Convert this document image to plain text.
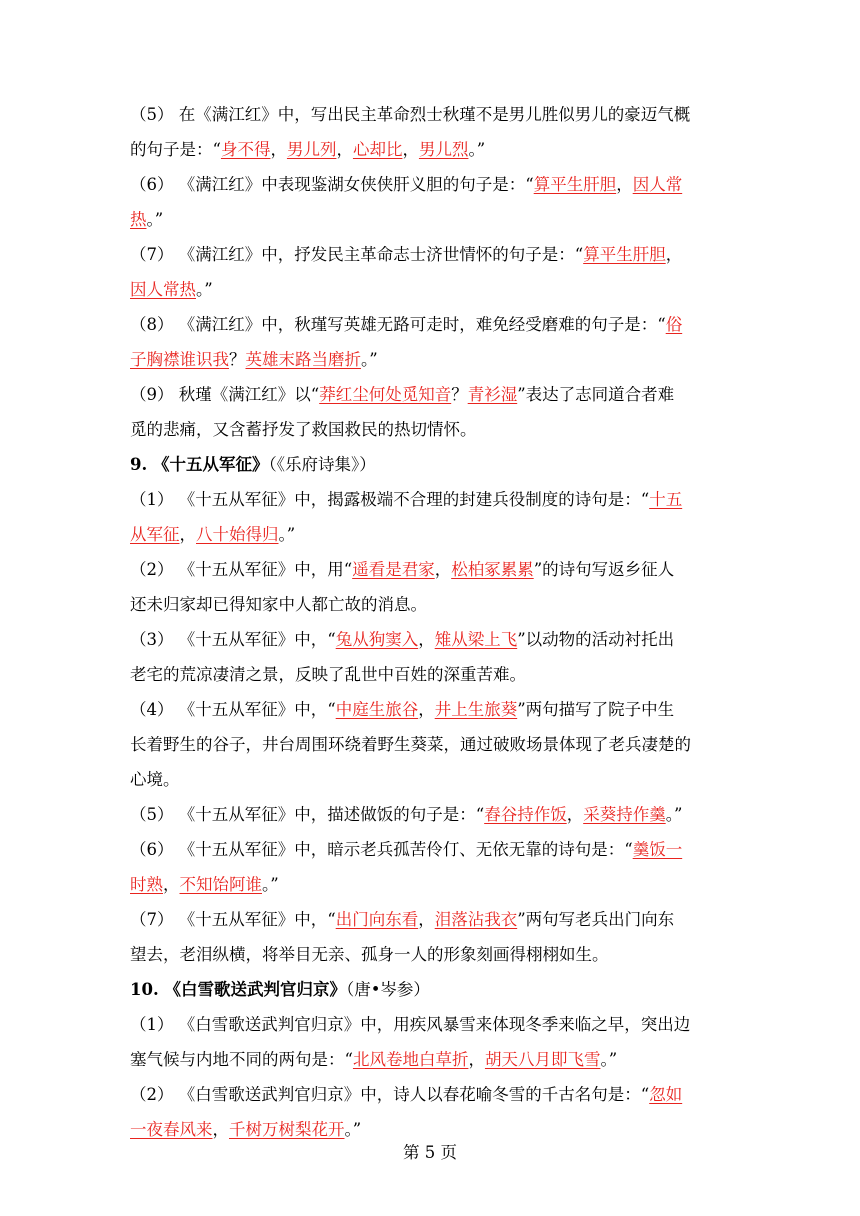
（5） 在《满江红》中，写出民主革命烈士秋瑾不是男儿胜似男儿的豪迈气概
的句子是：“身不得，男儿列，心却比，男儿烈。”
（6） 《满江红》中表现鉴湖女侠侠肝义胆的句子是：“算平生肝胆，因人常
热。”
（7） 《满江红》中，抒发民主革命志士济世情怀的句子是：“算平生肝胆，
因人常热。”
（8） 《满江红》中，秋瑾写英雄无路可走时，难免经受磨难的句子是：“俗
子胸襟谁识我？英雄末路当磨折。”
（9） 秋瑾《满江红》以“莽红尘何处觅知音？青衫湿”表达了志同道合者难
觅的悲痛，又含蓄抒发了救国救民的热切情怀。
9. 《十五从军征》（《乐府诗集》）
（1） 《十五从军征》中，揭露极端不合理的封建兵役制度的诗句是：“十五
从军征，八十始得归。”
（2） 《十五从军征》中，用“遥看是君家，松柏冢累累”的诗句写返乡征人
还未归家却已得知家中人都亡故的消息。
（3） 《十五从军征》中，“兔从狗窦入，雉从梁上飞”以动物的活动衬托出
老宅的荒凉凄清之景，反映了乱世中百姓的深重苦难。
（4） 《十五从军征》中，“中庭生旅谷，井上生旅葵”两句描写了院子中生
长着野生的谷子，井台周围环绕着野生葵菜，通过破败场景体现了老兵凄楚的
心境。
（5） 《十五从军征》中，描述做饭的句子是：“舂谷持作饭，采葵持作羹。”
（6） 《十五从军征》中，暗示老兵孤苦伶仃、无依无靠的诗句是：“羹饭一
时熟，不知饴阿谁。”
（7） 《十五从军征》中，“出门向东看，泪落沾我衣”两句写老兵出门向东
望去，老泪纵横，将举目无亲、孤身一人的形象刻画得栩栩如生。
10. 《白雪歌送武判官归京》（唐•岑参）
（1） 《白雪歌送武判官归京》中，用疾风暴雪来体现冬季来临之早，突出边
塞气候与内地不同的两句是：“北风卷地白草折，胡天八月即飞雪。”
（2） 《白雪歌送武判官归京》中，诗人以春花喻冬雪的千古名句是：“忽如
一夜春风来，千树万树梨花开。”
第 5 页
